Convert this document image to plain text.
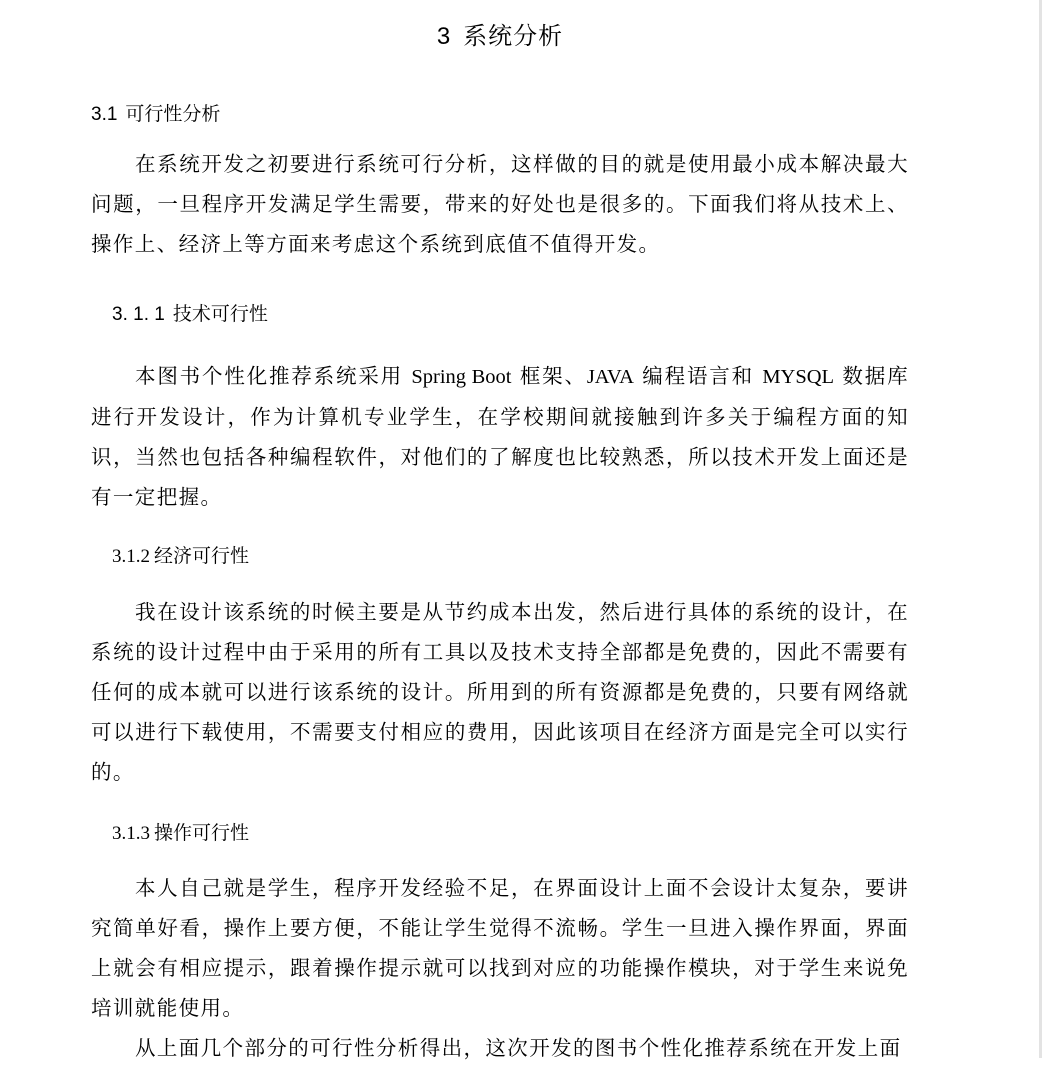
3 系统分析
3.1 可行性分析

在系统开发之初要进行系统可行分析，这样做的目的就是使用最小成本解决最大问题，一旦程序开发满足学生需要，带来的好处也是很多的。下面我们将从技术上、操作上、经济上等方面来考虑这个系统到底值不值得开发。

3. 1. 1 技术可行性

本图书个性化推荐系统采用 Spring Boot 框架、JAVA 编程语言和 MYSQL 数据库进行开发设计，作为计算机专业学生，在学校期间就接触到许多关于编程方面的知识，当然也包括各种编程软件，对他们的了解度也比较熟悉，所以技术开发上面还是有一定把握。

3.1.2 经济可行性

我在设计该系统的时候主要是从节约成本出发，然后进行具体的系统的设计，在系统的设计过程中由于采用的所有工具以及技术支持全部都是免费的，因此不需要有任何的成本就可以进行该系统的设计。所用到的所有资源都是免费的，只要有网络就可以进行下载使用，不需要支付相应的费用，因此该项目在经济方面是完全可以实行的。

3.1.3 操作可行性

本人自己就是学生，程序开发经验不足，在界面设计上面不会设计太复杂，要讲究简单好看，操作上要方便，不能让学生觉得不流畅。学生一旦进入操作界面，界面上就会有相应提示，跟着操作提示就可以找到对应的功能操作模块，对于学生来说免培训就能使用。

从上面几个部分的可行性分析得出，这次开发的图书个性化推荐系统在开发上面
